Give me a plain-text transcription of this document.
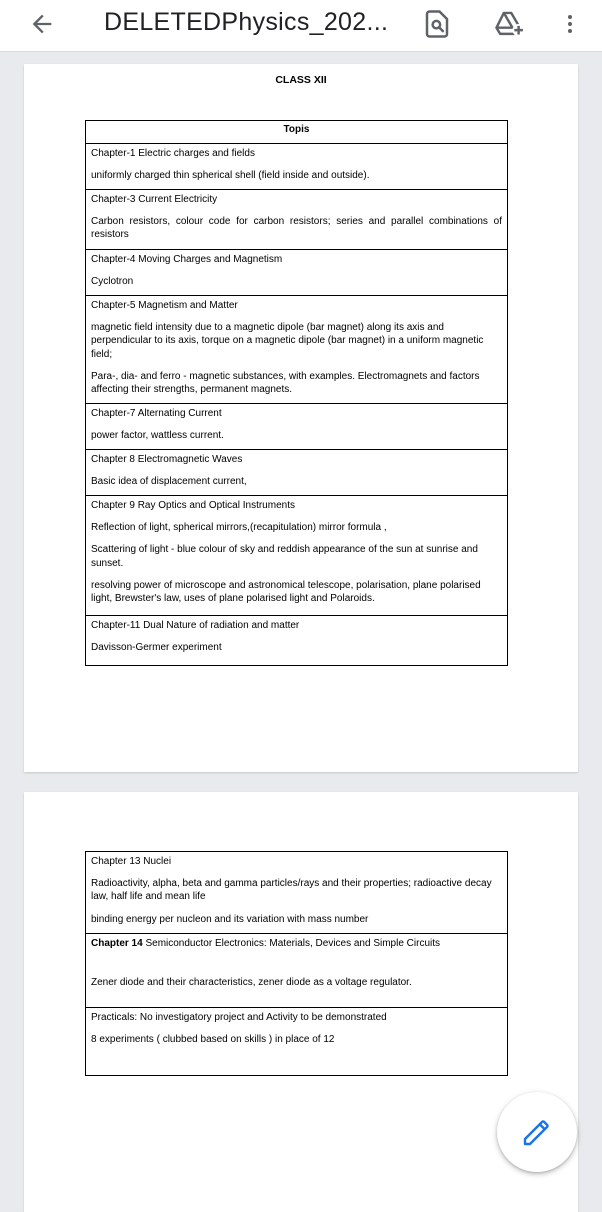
DELETEDPhysics_202...
CLASS XII
Topis

Chapter-1 Electric charges and fields
uniformly charged thin spherical shell (field inside and outside).

Chapter-3 Current Electricity
Carbon resistors, colour code for carbon resistors; series and parallel combinations of resistors

Chapter-4 Moving Charges and Magnetism
Cyclotron

Chapter-5 Magnetism and Matter
magnetic field intensity due to a magnetic dipole (bar magnet) along its axis and perpendicular to its axis, torque on a magnetic dipole (bar magnet) in a uniform magnetic field;
Para-, dia- and ferro - magnetic substances, with examples. Electromagnets and factors affecting their strengths, permanent magnets.

Chapter-7 Alternating Current
power factor, wattless current.

Chapter 8 Electromagnetic Waves
Basic idea of displacement current,

Chapter 9 Ray Optics and Optical Instruments
Reflection of light, spherical mirrors,(recapitulation) mirror formula ,
Scattering of light - blue colour of sky and reddish appearance of the sun at sunrise and sunset.
resolving power of microscope and astronomical telescope, polarisation, plane polarised light, Brewster's law, uses of plane polarised light and Polaroids.

Chapter-11 Dual Nature of radiation and matter
Davisson-Germer experiment
Chapter 13 Nuclei
Radioactivity, alpha, beta and gamma particles/rays and their properties; radioactive decay law, half life and mean life
binding energy per nucleon and its variation with mass number

Chapter 14 Semiconductor Electronics: Materials, Devices and Simple Circuits
Zener diode and their characteristics, zener diode as a voltage regulator.

Practicals: No investigatory project and Activity to be demonstrated
8 experiments ( clubbed based on skills ) in place of 12
